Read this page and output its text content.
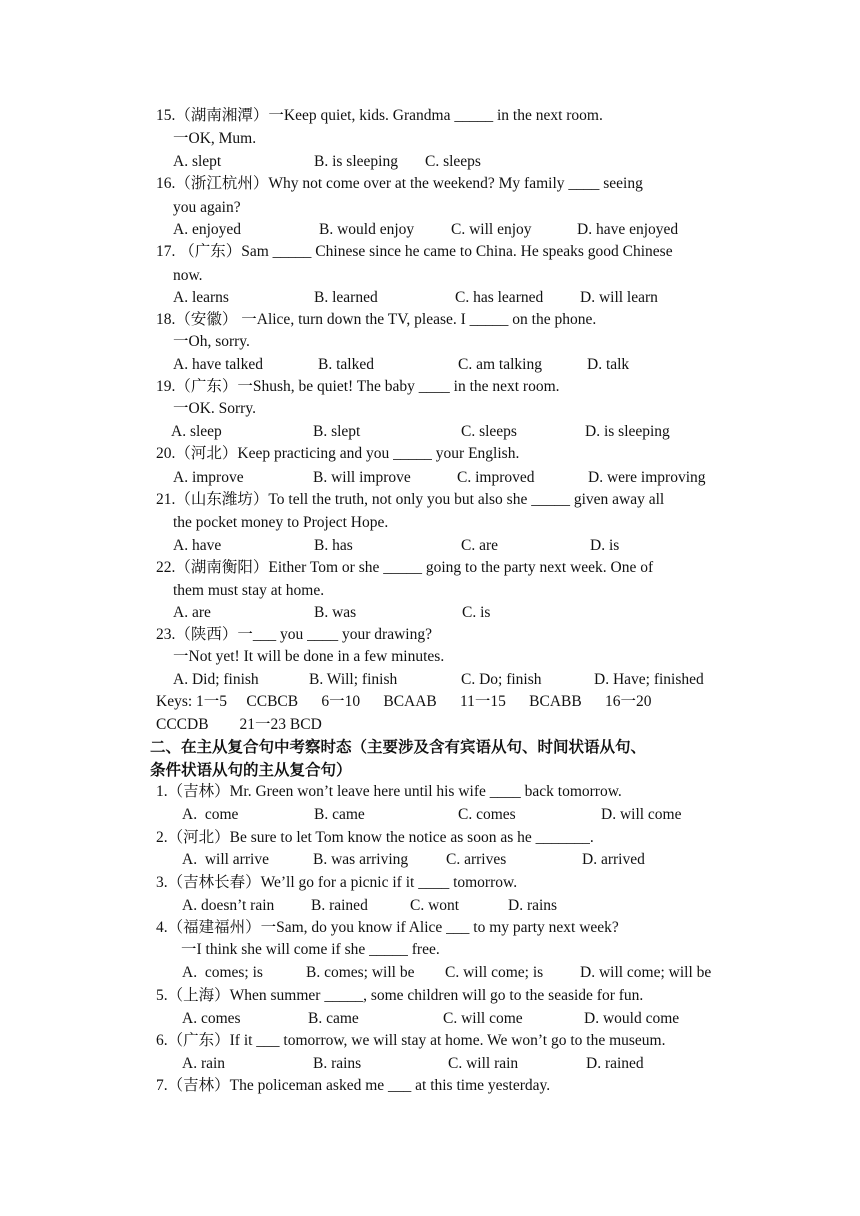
15.（湖南湘潭）一Keep quiet, kids. Grandma _____ in the next room.
一OK, Mum.
A. slept	B. is sleeping C. sleeps
16.（浙江杭州）Why not come over at the weekend? My family ____ seeing
you again?
A. enjoyed	B. would enjoy C. will enjoy	D. have enjoyed
17. （广东）Sam _____ Chinese since he came to China. He speaks good Chinese
now.
A. learns	B. learned	C. has learned D. will learn
18.（安徽） 一Alice, turn down the TV, please. I _____ on the phone.
一Oh, sorry.
A. have talked	B. talked	C. am talking	D. talk
19.（广东）一Shush, be quiet! The baby ____ in the next room.
一OK. Sorry.
A. sleep	B. slept	C. sleeps	D. is sleeping
20.（河北）Keep practicing and you _____ your English.
A. improve	B. will improve	C. improved	D. were improving
21.（山东潍坊）To tell the truth, not only you but also she _____ given away all
the pocket money to Project Hope.
A. have	B. has	C. are	D. is
22.（湖南衡阳）Either Tom or she _____ going to the party next week. One of
them must stay at home.
A. are	B. was	C. is
23.（陕西）一___ you ____ your drawing?
一Not yet! It will be done in a few minutes.
A. Did; finish	B. Will; finish	C. Do; finish	D. Have; finished
Keys: 1一5     CCBCB      6一10      BCAAB      11一15      BCABB      16一20
CCCDB        21一23 BCD
二、在主从复合句中考察时态（主要涉及含有宾语从句、时间状语从句、
条件状语从句的主从复合句）
1.（吉林）Mr. Green won’t leave here until his wife ____ back tomorrow.
A.  come	B. came	C. comes	D. will come
2.（河北）Be sure to let Tom know the notice as soon as he _______.
A.  will arrive	B. was arriving C. arrives	D. arrived
3.（吉林长春）We’ll go for a picnic if it ____ tomorrow.
A. doesn’t rain B. rained	C. wont	D. rains
4.（福建福州）一Sam, do you know if Alice ___ to my party next week?
一I think she will come if she _____ free.
A.  comes; is	B. comes; will be C. will come; is D. will come; will be
5.（上海）When summer _____, some children will go to the seaside for fun.
A. comes	B. came	C. will come	D. would come
6.（广东）If it ___ tomorrow, we will stay at home. We won’t go to the museum.
A. rain	B. rains	C. will rain	D. rained
7.（吉林）The policeman asked me ___ at this time yesterday.
